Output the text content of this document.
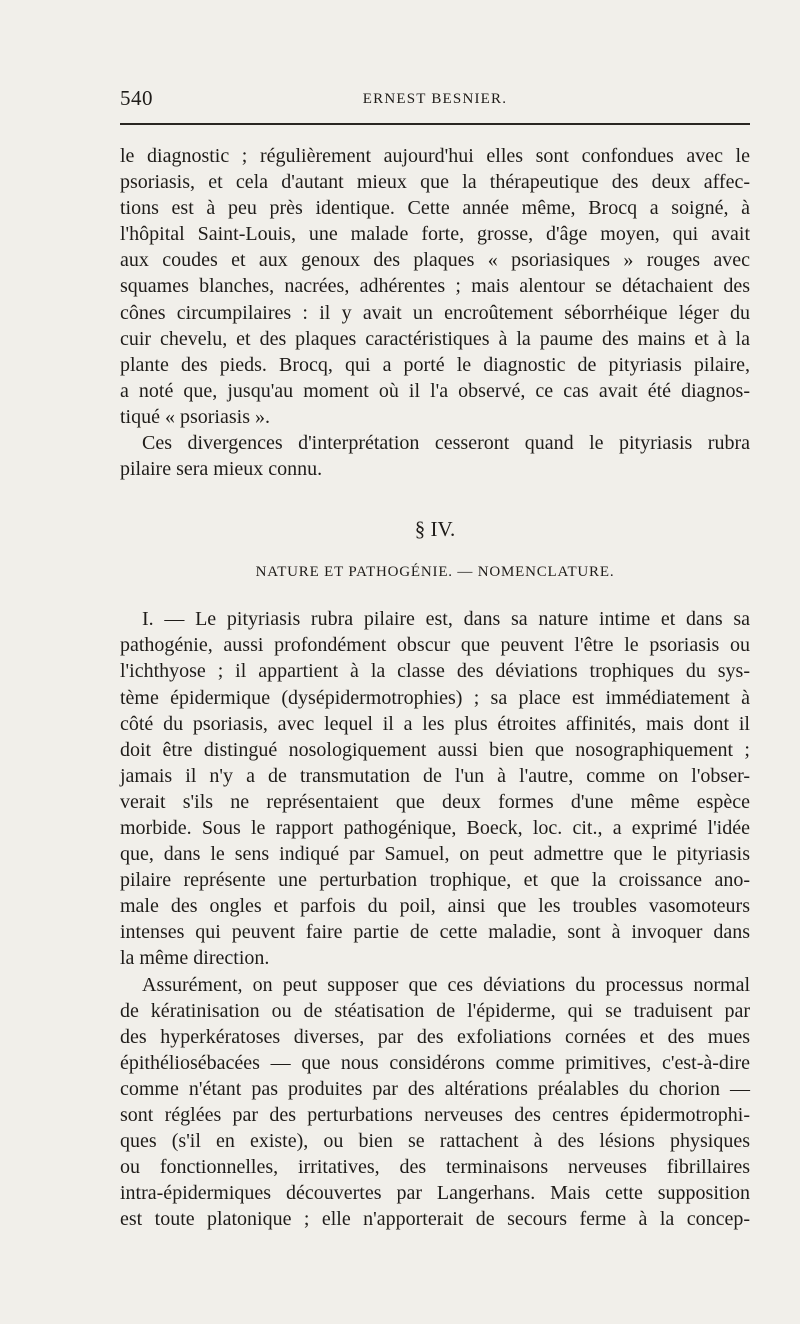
540	ERNEST BESNIER.
le diagnostic ; régulièrement aujourd'hui elles sont confondues avec le
psoriasis, et cela d'autant mieux que la thérapeutique des deux affec-
tions est à peu près identique. Cette année même, Brocq a soigné, à
l'hôpital Saint-Louis, une malade forte, grosse, d'âge moyen, qui avait
aux coudes et aux genoux des plaques « psoriasiques » rouges avec
squames blanches, nacrées, adhérentes ; mais alentour se détachaient des
cônes circumpilaires : il y avait un encroûtement séborrhéique léger du
cuir chevelu, et des plaques caractéristiques à la paume des mains et à la
plante des pieds. Brocq, qui a porté le diagnostic de pityriasis pilaire,
a noté que, jusqu'au moment où il l'a observé, ce cas avait été diagnos-
tiqué « psoriasis ».
Ces divergences d'interprétation cesseront quand le pityriasis rubra
pilaire sera mieux connu.
§ IV.
NATURE ET PATHOGÉNIE. — NOMENCLATURE.
I. — Le pityriasis rubra pilaire est, dans sa nature intime et dans sa
pathogénie, aussi profondément obscur que peuvent l'être le psoriasis ou
l'ichthyose ; il appartient à la classe des déviations trophiques du sys-
tème épidermique (dysépidermotrophies) ; sa place est immédiatement à
côté du psoriasis, avec lequel il a les plus étroites affinités, mais dont il
doit être distingué nosologiquement aussi bien que nosographiquement ;
jamais il n'y a de transmutation de l'un à l'autre, comme on l'obser-
verait s'ils ne représentaient que deux formes d'une même espèce
morbide. Sous le rapport pathogénique, Boeck, loc. cit., a exprimé l'idée
que, dans le sens indiqué par Samuel, on peut admettre que le pityriasis
pilaire représente une perturbation trophique, et que la croissance ano-
male des ongles et parfois du poil, ainsi que les troubles vasomoteurs
intenses qui peuvent faire partie de cette maladie, sont à invoquer dans
la même direction.
Assurément, on peut supposer que ces déviations du processus normal
de kératinisation ou de stéatisation de l'épiderme, qui se traduisent par
des hyperkératoses diverses, par des exfoliations cornées et des mues
épithéliosébacées — que nous considérons comme primitives, c'est-à-dire
comme n'étant pas produites par des altérations préalables du chorion —
sont réglées par des perturbations nerveuses des centres épidermotrophi-
ques (s'il en existe), ou bien se rattachent à des lésions physiques
ou fonctionnelles, irritatives, des terminaisons nerveuses fibrillaires
intra-épidermiques découvertes par Langerhans. Mais cette supposition
est toute platonique ; elle n'apporterait de secours ferme à la concep-
